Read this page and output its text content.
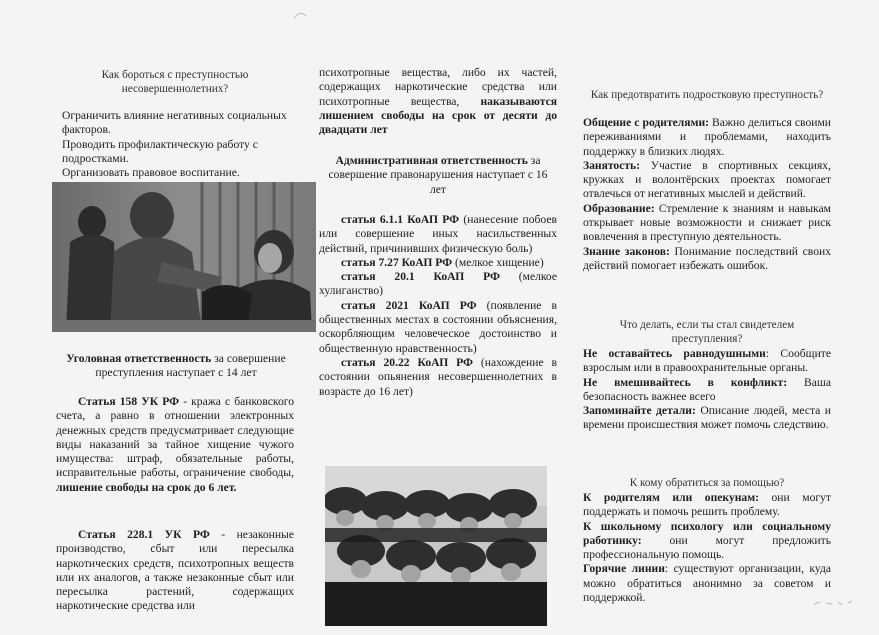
Как бороться с преступностью несовершеннолетних?

Ограничить влияние негативных социальных факторов.

Проводить профилактическую работу с подростками.

Организовать правовое воспитание.

Уголовная ответственность за совершение преступления наступает с 14 лет
Статья 158 УК РФ - кража с банковского счета, а равно в отношении электронных денежных средств предусматривает следующие виды наказаний за тайное хищение чужого имущества: штраф, обязательные работы, исправительные работы, ограничение свободы, лишение свободы на срок до 6 лет.
Статья 228.1 УК РФ - незаконные производство, сбыт или пересылка наркотических средств, психотропных веществ или их аналогов, а также незаконные сбыт или пересылка растений, содержащих наркотические средства или
психотропные вещества, либо их частей, содержащих наркотические средства или психотропные вещества, наказываются лишением свободы на срок от десяти до двадцати лет
Административная ответственность за совершение правонарушения наступает с 16 лет

статья 6.1.1 КоАП РФ (нанесение побоев или совершение иных насильственных действий, причинивших физическую боль)

статья 7.27 КоАП РФ (мелкое хищение)

статья 20.1 КоАП РФ (мелкое хулиганство)

статья 2021 КоАП РФ (появление в общественных местах в состоянии объяснения, оскорбляющим человеческое достоинство и общественную нравственность)

статья 20.22 КоАП РФ (нахождение в состоянии опьянения несовершеннолетних в возрасте до 16 лет)

Как предотвратить подростковую преступность?

Общение с родителями: Важно делиться своими переживаниями и проблемами, находить поддержку в близких людях.

Занятость: Участие в спортивных секциях, кружках и волонтёрских проектах помогает отвлечься от негативных мыслей и действий.

Образование: Стремление к знаниям и навыкам открывает новые возможности и снижает риск вовлечения в преступную деятельность.

Знание законов: Понимание последствий своих действий помогает избежать ошибок.

Что делать, если ты стал свидетелем преступления?

Не оставайтесь равнодушными: Сообщите взрослым или в правоохранительные органы.

Не вмешивайтесь в конфликт: Ваша безопасность важнее всего

Запоминайте детали: Описание людей, места и времени происшествия может помочь следствию.

К кому обратиться за помощью?

К родителям или опекунам: они могут поддержать и помочь решить проблему.

К школьному психологу или социальному работнику: они могут предложить профессиональную помощь.

Горячие линии: существуют организации, куда можно обратиться анонимно за советом и поддержкой.
